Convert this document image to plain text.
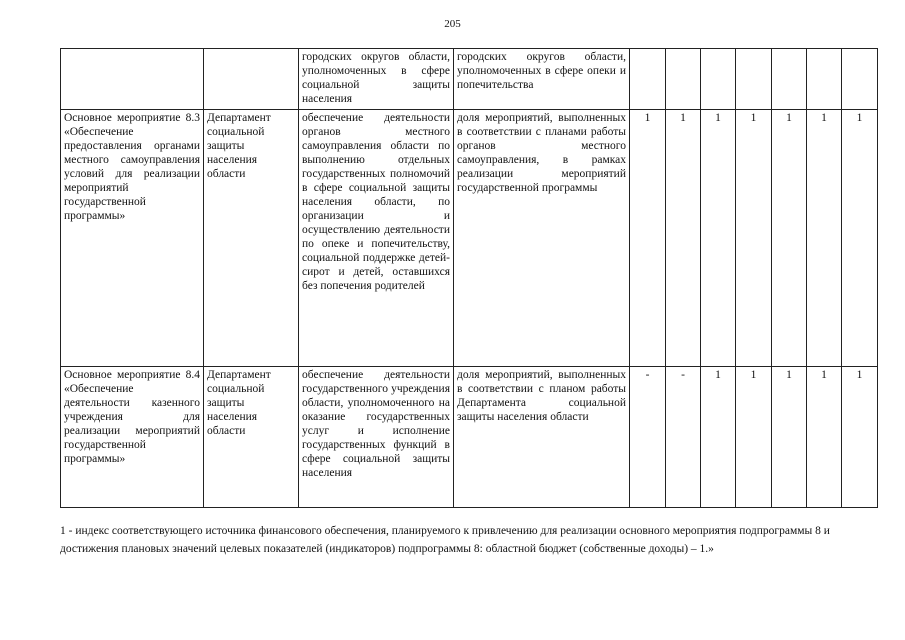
205
		городских округов области, уполномоченных в сфере социальной защиты населения	городских округов области, уполномоченных в сфере опеки и попечительства							
Основное мероприятие 8.3 «Обеспечение предоставления органами местного самоуправления условий для реализации мероприятий государственной программы»	Департамент социальной защиты населения области	обеспечение деятельности органов местного самоуправления области по выполнению отдельных государственных полномочий в сфере социальной защиты населения области, по организации и осуществлению деятельности по опеке и попечительству, социальной поддержке детей-сирот и детей, оставшихся без попечения родителей	доля мероприятий, выполненных в соответствии с планами работы органов местного самоуправления, в рамках реализации мероприятий государственной программы	1	1	1	1	1	1	1
Основное мероприятие 8.4 «Обеспечение деятельности казенного учреждения для реализации мероприятий государственной программы»	Департамент социальной защиты населения области	обеспечение деятельности государственного учреждения области, уполномоченного на оказание государственных услуг и исполнение государственных функций в сфере социальной защиты населения	доля мероприятий, выполненных в соответствии с планом работы Департамента социальной защиты населения области	-	-	1	1	1	1	1
1 - индекс соответствующего источника финансового обеспечения, планируемого к привлечению для реализации основного мероприятия подпрограммы 8 и достижения плановых значений целевых показателей (индикаторов) подпрограммы 8: областной бюджет (собственные доходы) – 1.»
